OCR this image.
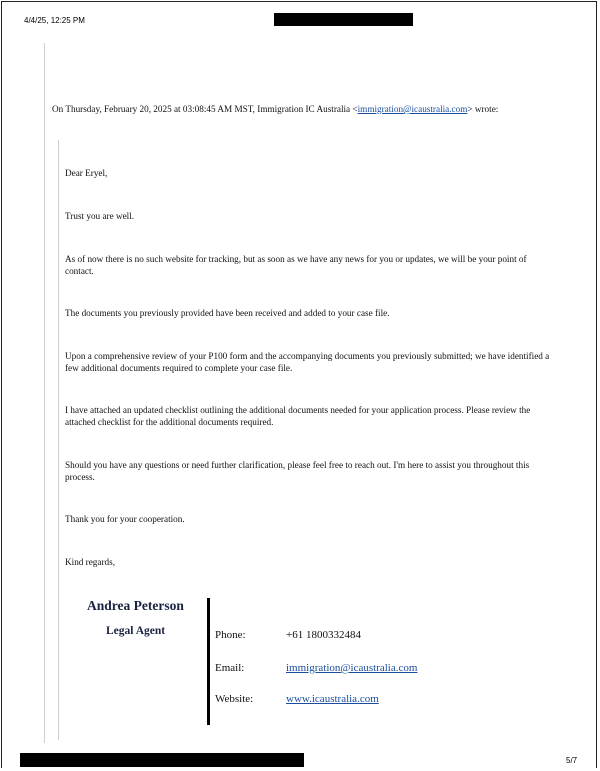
4/4/25, 12:25 PM
On Thursday, February 20, 2025 at 03:08:45 AM MST, Immigration IC Australia <immigration@icaustralia.com> wrote:
Dear Eryel,
Trust you are well.
As of now there is no such website for tracking, but as soon as we have any news for you or updates, we will be your point of contact.
The documents you previously provided have been received and added to your case file.
Upon a comprehensive review of your P100 form and the accompanying documents you previously submitted; we have identified a few additional documents required to complete your case file.
I have attached an updated checklist outlining the additional documents needed for your application process. Please review the attached checklist for the additional documents required.
Should you have any questions or need further clarification, please feel free to reach out. I'm here to assist you throughout this process.
Thank you for your cooperation.
Kind regards,
Andrea Peterson
Legal Agent	Phone:	+61 1800332484
Email:	immigration@icaustralia.com
Website:	www.icaustralia.com
5/7
